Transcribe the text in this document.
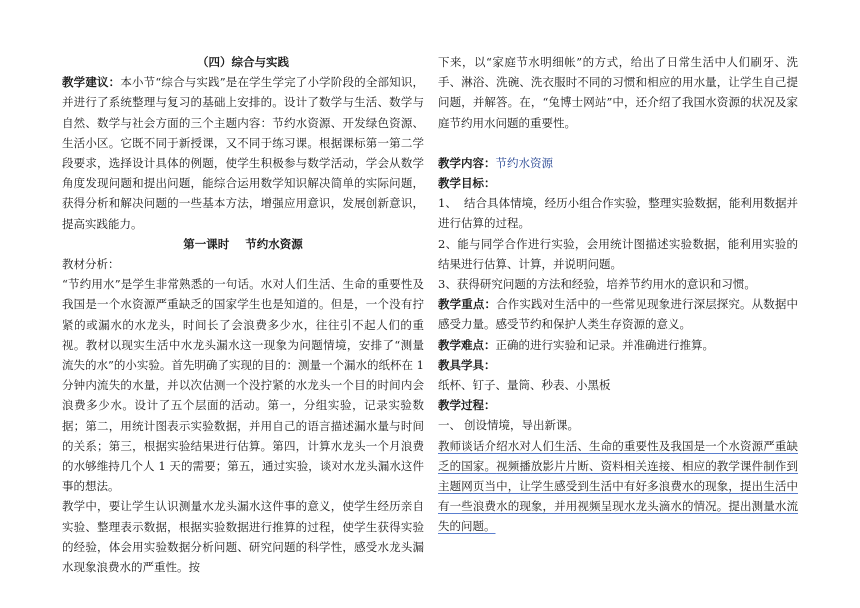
（四）综合与实践

教学建议：本小节“综合与实践”是在学生学完了小学阶段的全部知识，并进行了系统整理与复习的基础上安排的。设计了数学与生活、数学与自然、数学与社会方面的三个主题内容：节约水资源、开发绿色资源、生活小区。它既不同于新授课，又不同于练习课。根据课标第一第二学段要求，选择设计具体的例题，使学生积极参与数学活动，学会从数学角度发现问题和提出问题，能综合运用数学知识解决简单的实际问题，获得分析和解决问题的一些基本方法，增强应用意识，发展创新意识，提高实践能力。

第一课时    节约水资源

教材分析：

“节约用水”是学生非常熟悉的一句话。水对人们生活、生命的重要性及我国是一个水资源严重缺乏的国家学生也是知道的。但是，一个没有拧紧的或漏水的水龙头，时间长了会浪费多少水，往往引不起人们的重视。教材以现实生活中水龙头漏水这一现象为问题情境，安排了“测量流失的水”的小实验。首先明确了实现的目的：测量一个漏水的纸杯在 1 分钟内流失的水量，并以次估测一个没拧紧的水龙头一个目的时间内会浪费多少水。设计了五个层面的活动。第一，分组实验，记录实验数据；第二，用统计图表示实验数据，并用自己的语言描述漏水量与时间的关系；第三，根据实验结果进行估算。第四，计算水龙头一个月浪费的水够维持几个人 1 天的需要；第五，通过实验，谈对水龙头漏水这件事的想法。

教学中，要让学生认识测量水龙头漏水这件事的意义，使学生经历亲自实验、整理表示数据，根据实验数据进行推算的过程，使学生获得实验的经验，体会用实验数据分析问题、研究问题的科学性，感受水龙头漏水现象浪费水的严重性。按

下来，以“家庭节水明细帐”的方式，给出了日常生活中人们刷牙、洗手、淋浴、洗碗、洗衣服时不同的习惯和相应的用水量，让学生自己提问题，并解答。在，“兔博士网站”中，还介绍了我国水资源的状况及家庭节约用水问题的重要性。

教学内容：节约水资源

教学目标：

1、 结合具体情境，经历小组合作实验，整理实验数据，能利用数据并进行估算的过程。

2、能与同学合作进行实验，会用统计图描述实验数据，能利用实验的结果进行估算、计算，并说明问题。

3、获得研究问题的方法和经验，培养节约用水的意识和习惯。

教学重点：合作实践对生活中的一些常见现象进行深层探究。从数据中感受力量。感受节约和保护人类生存资源的意义。

教学难点：正确的进行实验和记录。并准确进行推算。

教具学具：

纸杯、钉子、量筒、秒表、小黑板

教学过程：

一、 创设情境，导出新课。

教师谈话介绍水对人们生活、生命的重要性及我国是一个水资源严重缺乏的国家。视频播放影片片断、资料相关连接、相应的教学课件制作到主题网页当中，让学生感受到生活中有好多浪费水的现象，提出生活中有一些浪费水的现象，并用视频呈现水龙头滴水的情况。提出测量水流失的问题。
